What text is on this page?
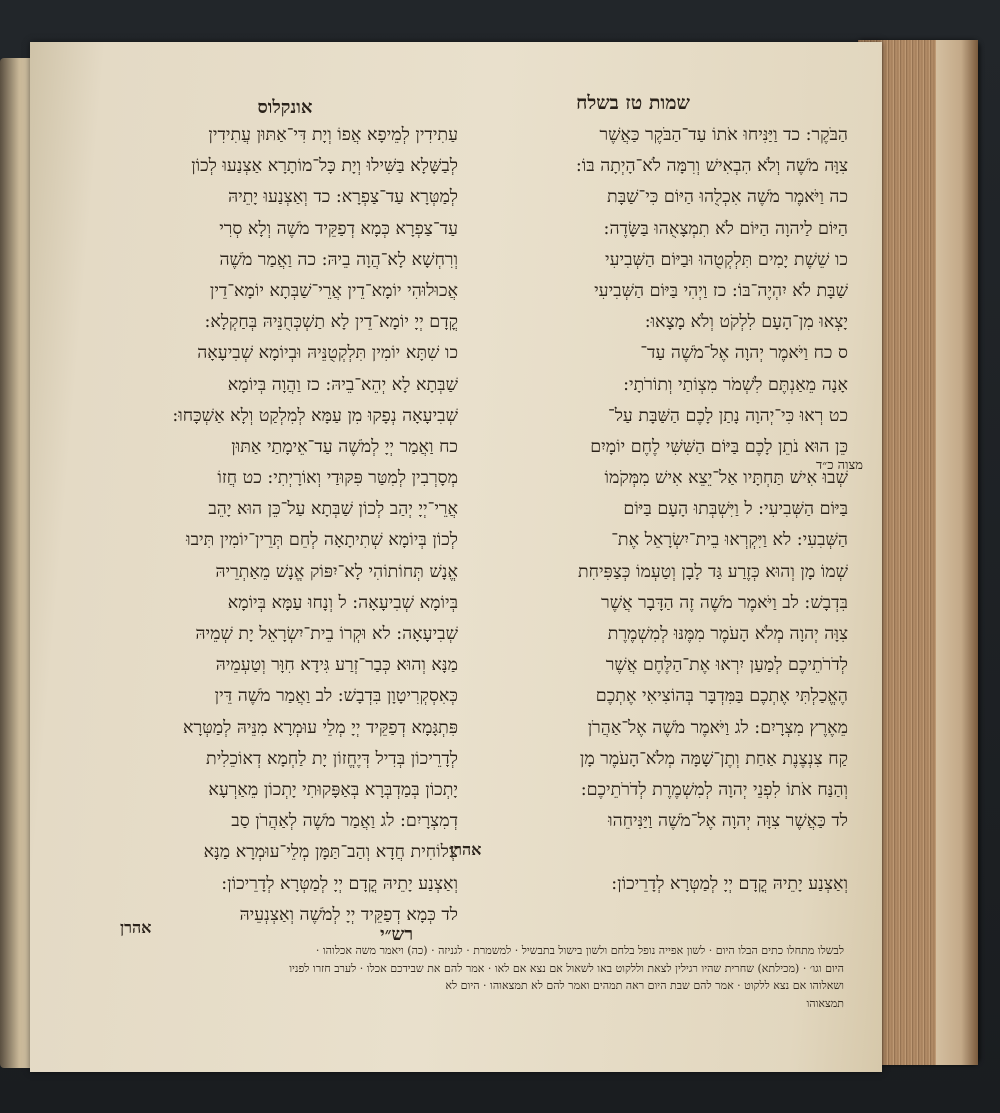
אונקלוס	שמות טז בשלח
הַבֹּקֶר: כד וַיַּנִּיחוּ אֹתוֹ עַד־הַבֹּקֶר כַּאֲשֶׁר
צִוָּה מֹשֶׁה וְלֹא הִבְאִישׁ וְרִמָּה לֹא־הָיְתָה בּוֹ:
כה וַיֹּאמֶר מֹשֶׁה אִכְלֻהוּ הַיּוֹם כִּי־שַׁבָּת
הַיּוֹם לַיהוָה הַיּוֹם לֹא תִמְצָאֻהוּ בַּשָּׂדֶה:
כו שֵׁשֶׁת יָמִים תִּלְקְטֻהוּ וּבַיּוֹם הַשְּׁבִיעִי
שַׁבָּת לֹא יִהְיֶה־בּוֹ: כז וַיְהִי בַּיּוֹם הַשְּׁבִיעִי
יָצְאוּ מִן־הָעָם לִלְקֹט וְלֹא מָצָאוּ:
ס כח וַיֹּאמֶר יְהוָה אֶל־מֹשֶׁה עַד־
אָנָה מֵאַנְתֶּם לִשְׁמֹר מִצְוֹתַי וְתוֹרֹתָי:
כט רְאוּ כִּי־יְהוָה נָתַן לָכֶם הַשַּׁבָּת עַל־
כֵּן הוּא נֹתֵן לָכֶם בַּיּוֹם הַשִּׁשִּׁי לֶחֶם יוֹמָיִם
שְׁבוּ אִישׁ תַּחְתָּיו אַל־יֵצֵא אִישׁ מִמְּקֹמוֹ
בַּיּוֹם הַשְּׁבִיעִי: ל וַיִּשְׁבְּתוּ הָעָם בַּיּוֹם
הַשְּׁבִעִי: לא וַיִּקְרְאוּ בֵית־יִשְׂרָאֵל אֶת־
שְׁמוֹ מָן וְהוּא כְּזֶרַע גַּד לָבָן וְטַעְמוֹ כְּצַפִּיחִת
בִּדְבָשׁ: לב וַיֹּאמֶר מֹשֶׁה זֶה הַדָּבָר אֲשֶׁר
צִוָּה יְהוָה מְלֹא הָעֹמֶר מִמֶּנּוּ לְמִשְׁמֶרֶת
לְדֹרֹתֵיכֶם לְמַעַן יִרְאוּ אֶת־הַלֶּחֶם אֲשֶׁר
הֶאֱכַלְתִּי אֶתְכֶם בַּמִּדְבָּר בְּהוֹצִיאִי אֶתְכֶם
מֵאֶרֶץ מִצְרָיִם: לג וַיֹּאמֶר מֹשֶׁה אֶל־אַהֲרֹן
קַח צִנְצֶנֶת אַחַת וְתֶן־שָׁמָּה מְלֹא־הָעֹמֶר מָן
וְהַנַּח אֹתוֹ לִפְנֵי יְהוָה לְמִשְׁמֶרֶת לְדֹרֹתֵיכֶם:
לד כַּאֲשֶׁר צִוָּה יְהוָה אֶל־מֹשֶׁה וַיַּנִּיחֵהוּ
וְאַצְנַע יָתֵיהּ קֳדָם יְיָ לְמַטְּרָא לְדָרֵיכוֹן:
עַתִידִין לְמֵיפָא אֲפוֹ וְיָת דִּי־אַתּוּן עֲתִידִין
לְבַשָּׁלָא בַּשִּׁילוּ וְיָת כָּל־מוֹתָרָא אַצְנַעוּ לְכוֹן
לְמַטְּרָא עַד־צַפְרָא: כד וְאַצְנַעוּ יָתֵיהּ
עַד־צַפְרָא כְּמָא דְפַקֵּיד מֹשֶׁה וְלָא סְרִי
וְרִחְשָׁא לָא־הֲוָה בֵיהּ: כה וַאֲמַר מֹשֶׁה
אֲכוּלוּהִי יוֹמָא־דֵין אֲרֵי־שַׁבְּתָא יוֹמָא־דֵין
קֳדָם יְיָ יוֹמָא־דֵין לָא תַשְׁכְּחֻנֵּיהּ בְּחַקְלָא:
כו שִׁתָּא יוֹמִין תִּלְקְטֻנֵּיהּ וּבְיוֹמָא שְׁבִיעָאָה
שַׁבְּתָא לָא יְהֵא־בֵיהּ: כז וַהֲוָה בְּיוֹמָא
שְׁבִיעָאָה נְפָקוּ מִן עַמָּא לְמִלְקַט וְלָא אַשְׁכָּחוּ:
כח וַאֲמַר יְיָ לְמֹשֶׁה עַד־אֵימָתַי אַתּוּן
מְסָרְבִין לְמִטַּר פִּקּוּדַי וְאוֹרָיְתִי: כט חֲזוֹ
אֲרֵי־יְיָ יְהַב לְכוֹן שַׁבְּתָא עַל־כֵּן הוּא יָהֵב
לְכוֹן בְּיוֹמָא שְׁתִיתָאָה לְחֵם תְּרֵין־יוֹמִין תִּיבוּ
אֱנָשׁ תְּחוֹתוֹהִי לָא־יִפּוֹק אֱנָשׁ מֵאַתְרֵיהּ
בְּיוֹמָא שְׁבִיעָאָה: ל וְנָחוּ עַמָּא בְּיוֹמָא
שְׁבִיעָאָה: לא וּקְרוֹ בֵית־יִשְׂרָאֵל יָת שְׁמֵיהּ
מַנָּא וְהוּא כְּבַר־זְרַע גִּידָא חִוָּר וְטַעְמֵיהּ
כְּאִסְקְרִיטָוָן בִּדְבָשׁ: לב וַאֲמַר מֹשֶׁה דֵּין
פִּתְגָּמָא דְפַקֵּיד יְיָ מְלֵי עוּמְרָא מִנֵּיהּ לְמַטְּרָא
לְדָרֵיכוֹן בְּדִיל דְּיֶחֱזוֹן יָת לַחְמָא דְאוֹכֵלִית
יָתְכוֹן בְּמַדְבְּרָא בְּאַפָּקוּתִי יָתְכוֹן מֵאַרְעָא
דְמִצְרָיִם: לג וַאֲמַר מֹשֶׁה לְאַהֲרֹן סַב
צְלוֹחִית חֲדָא וְהַב־תַּמָּן מְלֵי־עוּמְרָא מַנָּא
וְאַצְנַע יָתֵיהּ קֳדָם יְיָ לְמַטְּרָא לְדָרֵיכוֹן:
לד כְּמָא דְפַקֵּיד יְיָ לְמֹשֶׁה וְאַצְנְעֵיהּ
מצוה כ״ד
אהרן
אהרן	רש״י
לבשלו מתחלו כתים הבלו היום · לשון אפייה נופל בלחם ולשון בישול בתבשיל · למשמרת · לגניזה · (כה) ויאמר משה אכלוהו ·
היום וגו׳ · (מכילתא) שחרית שהיו רגילין לצאת וללקוט באו לשאול אם נצא אם לאו · אמר להם את שבידכם אכלו · לערב חזרו לפניו
ושאלוהו אם נצא ללקוט · אמר להם שבת היום ראה תמהים ואמר להם לא תמצאוהו · היום לא
תמצאוהו
